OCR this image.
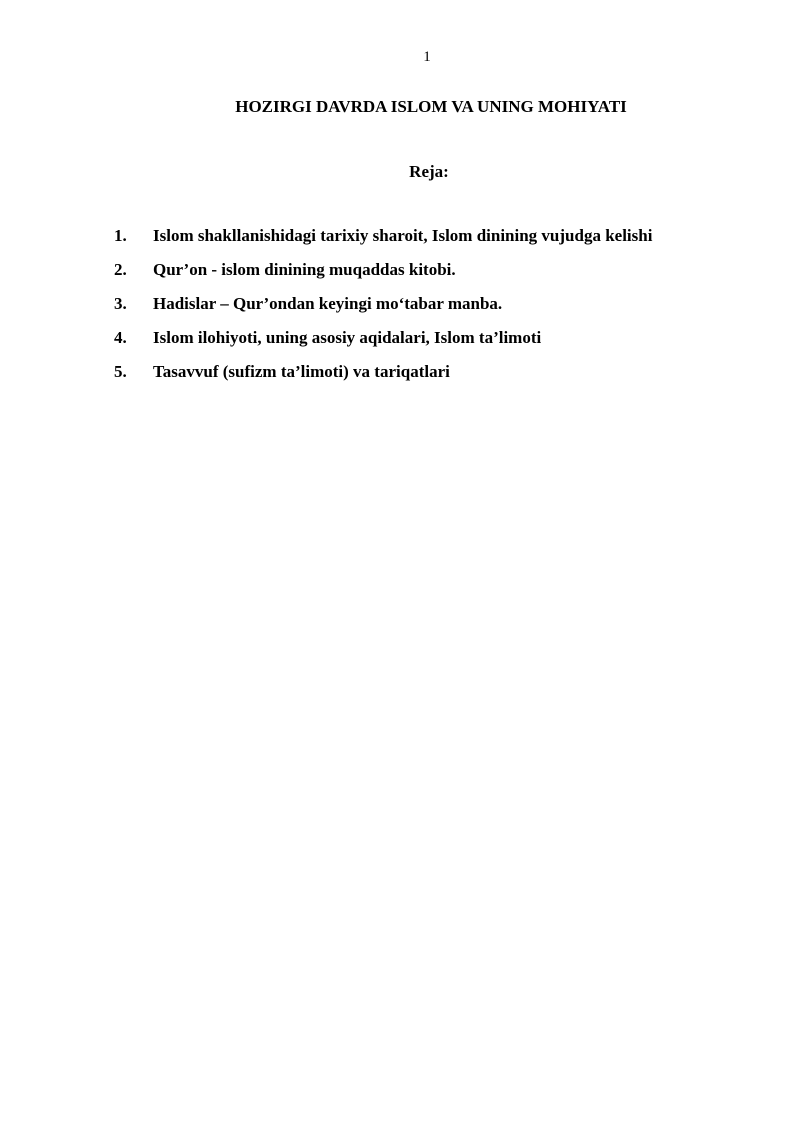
1
HOZIRGI DAVRDA ISLOM VA UNING MOHIYATI
Reja:
1.	Islom shakllanishidagi tarixiy sharoit, Islom dinining vujudga kelishi
2.	Qur’on - islom dinining muqaddas kitobi.
3.	Hadislar – Qur’ondan keyingi mo‘tabar manba.
4.	Islom ilohiyoti, uning asosiy aqidalari, Islom ta’limoti
5.	Tasavvuf (sufizm ta’limoti) va tariqatlari
